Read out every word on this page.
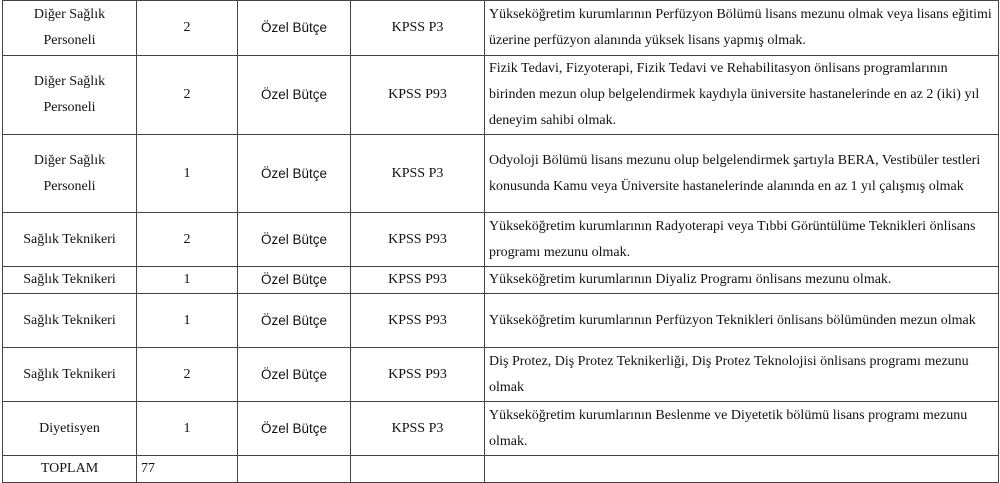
Diğer Sağlık Personeli	2	Özel Bütçe	KPSS P3	Yükseköğretim kurumlarının Perfüzyon Bölümü lisans mezunu olmak veya lisans eğitimi üzerine perfüzyon alanında yüksek lisans yapmış olmak.
Diğer Sağlık Personeli	2	Özel Bütçe	KPSS P93	Fizik Tedavi, Fizyoterapi, Fizik Tedavi ve Rehabilitasyon önlisans programlarının birinden mezun olup belgelendirmek kaydıyla üniversite hastanelerinde en az 2 (iki) yıl deneyim sahibi olmak.
Diğer Sağlık Personeli	1	Özel Bütçe	KPSS P3	Odyoloji Bölümü lisans mezunu olup belgelendirmek şartıyla BERA, Vestibüler testleri konusunda Kamu veya Üniversite hastanelerinde alanında en az 1 yıl çalışmış olmak
Sağlık Teknikeri	2	Özel Bütçe	KPSS P93	Yükseköğretim kurumlarının Radyoterapi veya Tıbbi Görüntülüme Teknikleri önlisans programı mezunu olmak.
Sağlık Teknikeri	1	Özel Bütçe	KPSS P93	Yükseköğretim kurumlarının Diyaliz Programı önlisans mezunu olmak.
Sağlık Teknikeri	1	Özel Bütçe	KPSS P93	Yükseköğretim kurumlarının Perfüzyon Teknikleri önlisans bölümünden mezun olmak
Sağlık Teknikeri	2	Özel Bütçe	KPSS P93	Diş Protez, Diş Protez Teknikerliği, Diş Protez Teknolojisi önlisans programı mezunu olmak
Diyetisyen	1	Özel Bütçe	KPSS P3	Yükseköğretim kurumlarının Beslenme ve Diyetetik bölümü lisans programı mezunu olmak.
TOPLAM	77			
